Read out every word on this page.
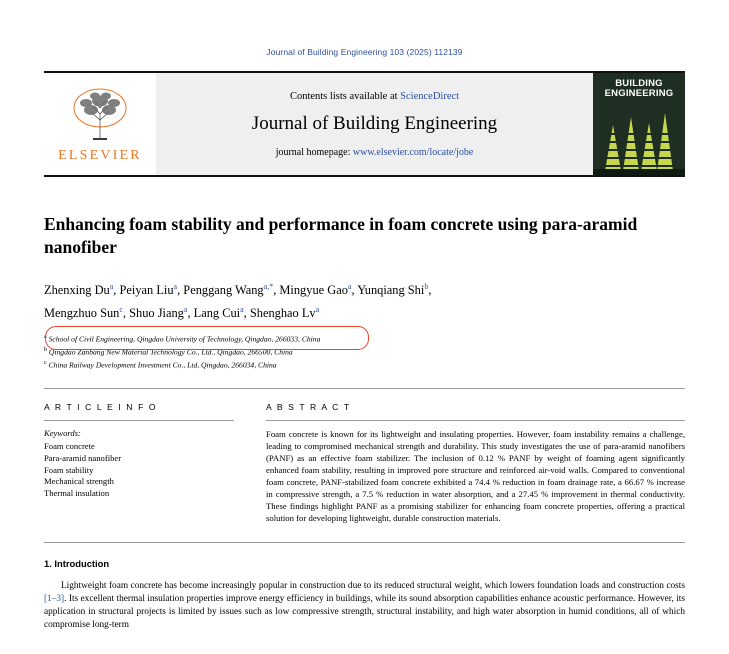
Journal of Building Engineering 103 (2025) 112139
ELSEVIER
Contents lists available at ScienceDirect
Journal of Building Engineering
journal homepage: www.elsevier.com/locate/jobe
BUILDING
ENGINEERING
Enhancing foam stability and performance in foam concrete using para-aramid nanofiber
Zhenxing Du$^a$, Peiyan Liu$^a$, Penggang Wang$^{a,*}$, Mingyue Gao$^a$, Yunqiang Shi$^b$,
Mengzhuo Sun$^c$, Shuo Jiang$^a$, Lang Cui$^a$, Shenghao Lv$^a$
$^a$ School of Civil Engineering, Qingdao University of Technology, Qingdao, 266033, China
$^b$ Qingdao Zanbang New Material Technology Co., Ltd., Qingdao, 266500, China
$^c$ China Railway Development Investment Co., Ltd, Qingdao, 266034, China
A R T I C L E I N F O
Keywords:
Foam concrete
Para-aramid nanofiber
Foam stability
Mechanical strength
Thermal insulation
A B S T R A C T
Foam concrete is known for its lightweight and insulating properties. However, foam instability remains a challenge, leading to compromised mechanical strength and durability. This study investigates the use of para-aramid nanofibers (PANF) as an effective foam stabilizer. The inclusion of 0.12 % PANF by weight of foaming agent significantly enhanced foam stability, resulting in improved pore structure and reinforced air-void walls. Compared to conventional foam concrete, PANF-stabilized foam concrete exhibited a 74.4 % reduction in foam drainage rate, a 66.67 % increase in compressive strength, a 7.5 % reduction in water absorption, and a 27.45 % improvement in thermal conductivity. These findings highlight PANF as a promising stabilizer for enhancing foam concrete properties, offering a practical solution for developing lightweight, durable construction materials.
1. Introduction
Lightweight foam concrete has become increasingly popular in construction due to its reduced structural weight, which lowers foundation loads and construction costs [1–3]. Its excellent thermal insulation properties improve energy efficiency in buildings, while its sound absorption capabilities enhance acoustic performance. However, its application in structural projects is limited by issues such as low compressive strength, structural instability, and high water absorption in humid conditions, all of which compromise long-term
